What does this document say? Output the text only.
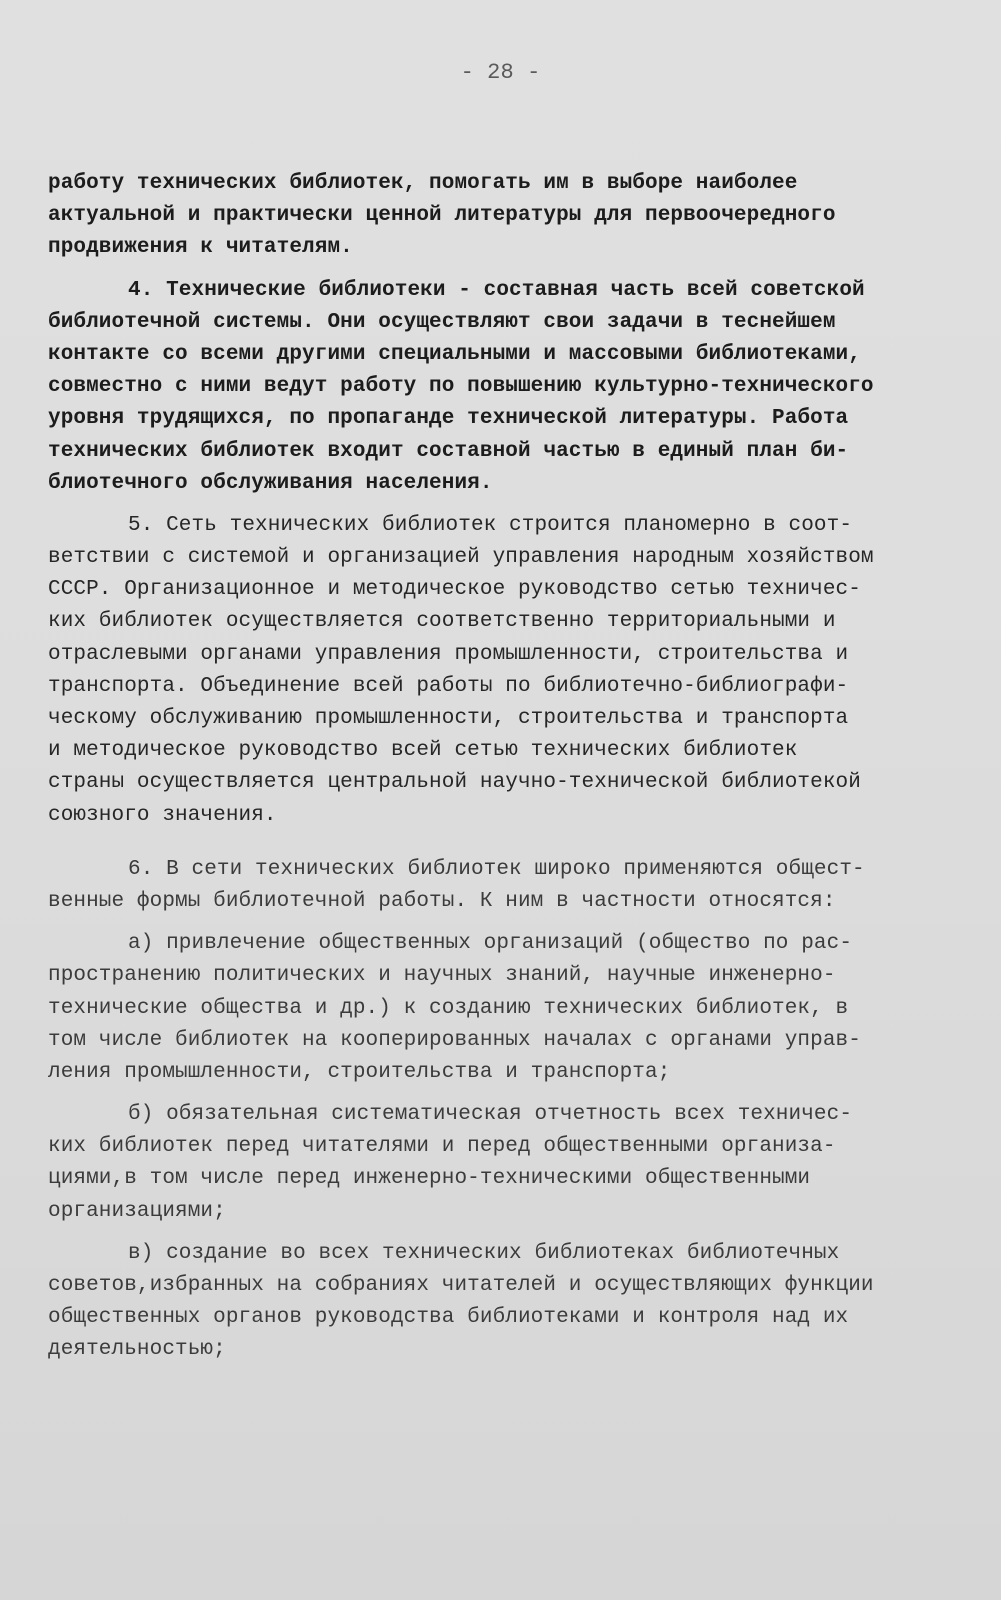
- 28 -
работу технических библиотек, помогать им в выборе наиболее
актуальной и практически ценной литературы для первоочередного
продвижения к читателям.
4. Технические библиотеки - составная часть всей советской
библиотечной системы. Они осуществляют свои задачи в теснейшем
контакте со всеми другими специальными и массовыми библиотеками,
совместно с ними ведут работу по повышению культурно-технического
уровня трудящихся, по пропаганде технической литературы. Работа
технических библиотек входит составной частью в единый план би-
блиотечного обслуживания населения.
5. Сеть технических библиотек строится планомерно в соот-
ветствии с системой и организацией управления народным хозяйством
СССР. Организационное и методическое руководство сетью техничес-
ких библиотек осуществляется соответственно территориальными и
отраслевыми органами управления промышленности, строительства и
транспорта. Объединение всей работы по библиотечно-библиографи-
ческому обслуживанию промышленности, строительства и транспорта
и методическое руководство всей сетью технических библиотек
страны осуществляется центральной научно-технической библиотекой
союзного значения.
6. В сети технических библиотек широко применяются общест-
венные формы библиотечной работы. К ним в частности относятся:
а) привлечение общественных организаций (общество по рас-
пространению политических и научных знаний, научные инженерно-
технические общества и др.) к созданию технических библиотек, в
том числе библиотек на кооперированных началах с органами управ-
ления промышленности, строительства и транспорта;
б) обязательная систематическая отчетность всех техничес-
ких библиотек перед читателями и перед общественными организа-
циями,в том числе перед инженерно-техническими общественными
организациями;
в) создание во всех технических библиотеках библиотечных
советов,избранных на собраниях читателей и осуществляющих функции
общественных органов руководства библиотеками и контроля над их
деятельностью;
